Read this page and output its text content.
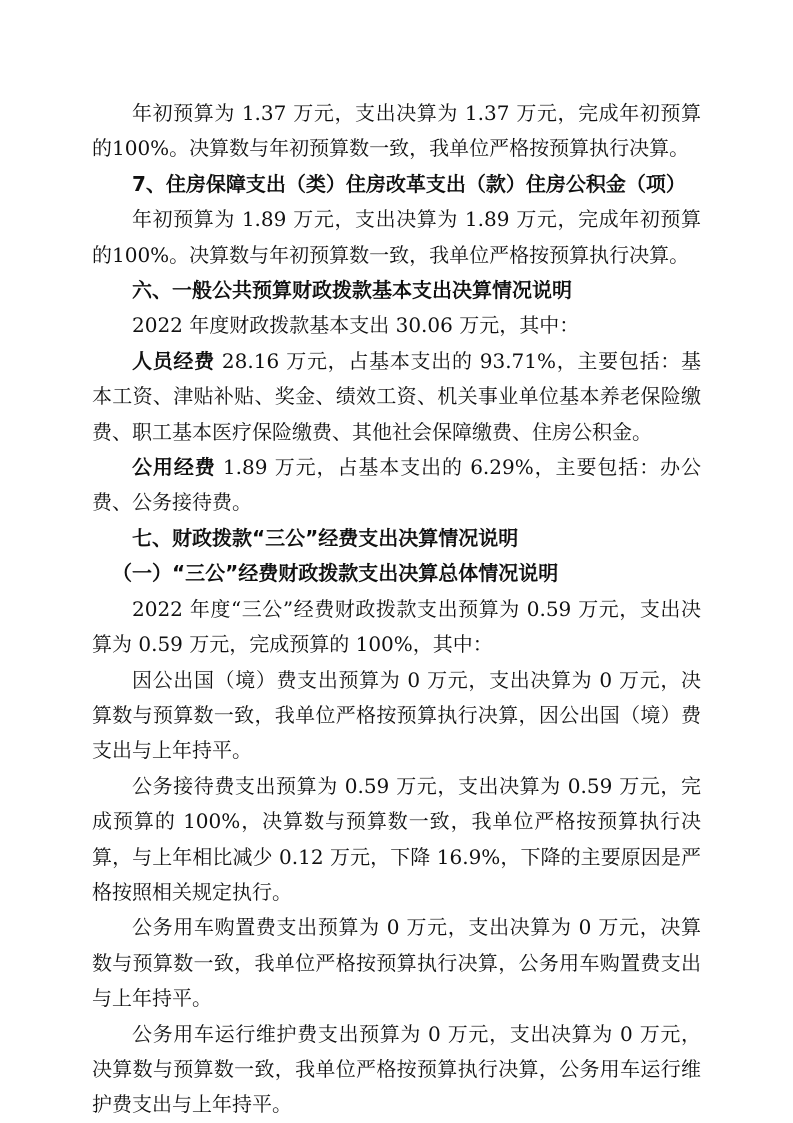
年初预算为 1.37 万元，支出决算为 1.37 万元，完成年初预算的100%。决算数与年初预算数一致，我单位严格按预算执行决算。

7、住房保障支出（类）住房改革支出（款）住房公积金（项）

年初预算为 1.89 万元，支出决算为 1.89 万元，完成年初预算的100%。决算数与年初预算数一致，我单位严格按预算执行决算。

六、一般公共预算财政拨款基本支出决算情况说明

2022 年度财政拨款基本支出 30.06 万元，其中：

人员经费 28.16 万元，占基本支出的 93.71%，主要包括：基本工资、津贴补贴、奖金、绩效工资、机关事业单位基本养老保险缴费、职工基本医疗保险缴费、其他社会保障缴费、住房公积金。

公用经费 1.89 万元，占基本支出的 6.29%，主要包括：办公费、公务接待费。

七、财政拨款“三公”经费支出决算情况说明

（一）“三公”经费财政拨款支出决算总体情况说明

2022 年度“三公”经费财政拨款支出预算为 0.59 万元，支出决算为 0.59 万元，完成预算的 100%，其中：

因公出国（境）费支出预算为 0 万元，支出决算为 0 万元，决算数与预算数一致，我单位严格按预算执行决算，因公出国（境）费支出与上年持平。

公务接待费支出预算为 0.59 万元，支出决算为 0.59 万元，完成预算的 100%，决算数与预算数一致，我单位严格按预算执行决算，与上年相比减少 0.12 万元，下降 16.9%，下降的主要原因是严格按照相关规定执行。

公务用车购置费支出预算为 0 万元，支出决算为 0 万元，决算数与预算数一致，我单位严格按预算执行决算，公务用车购置费支出与上年持平。

公务用车运行维护费支出预算为 0 万元，支出决算为 0 万元，决算数与预算数一致，我单位严格按预算执行决算，公务用车运行维护费支出与上年持平。
